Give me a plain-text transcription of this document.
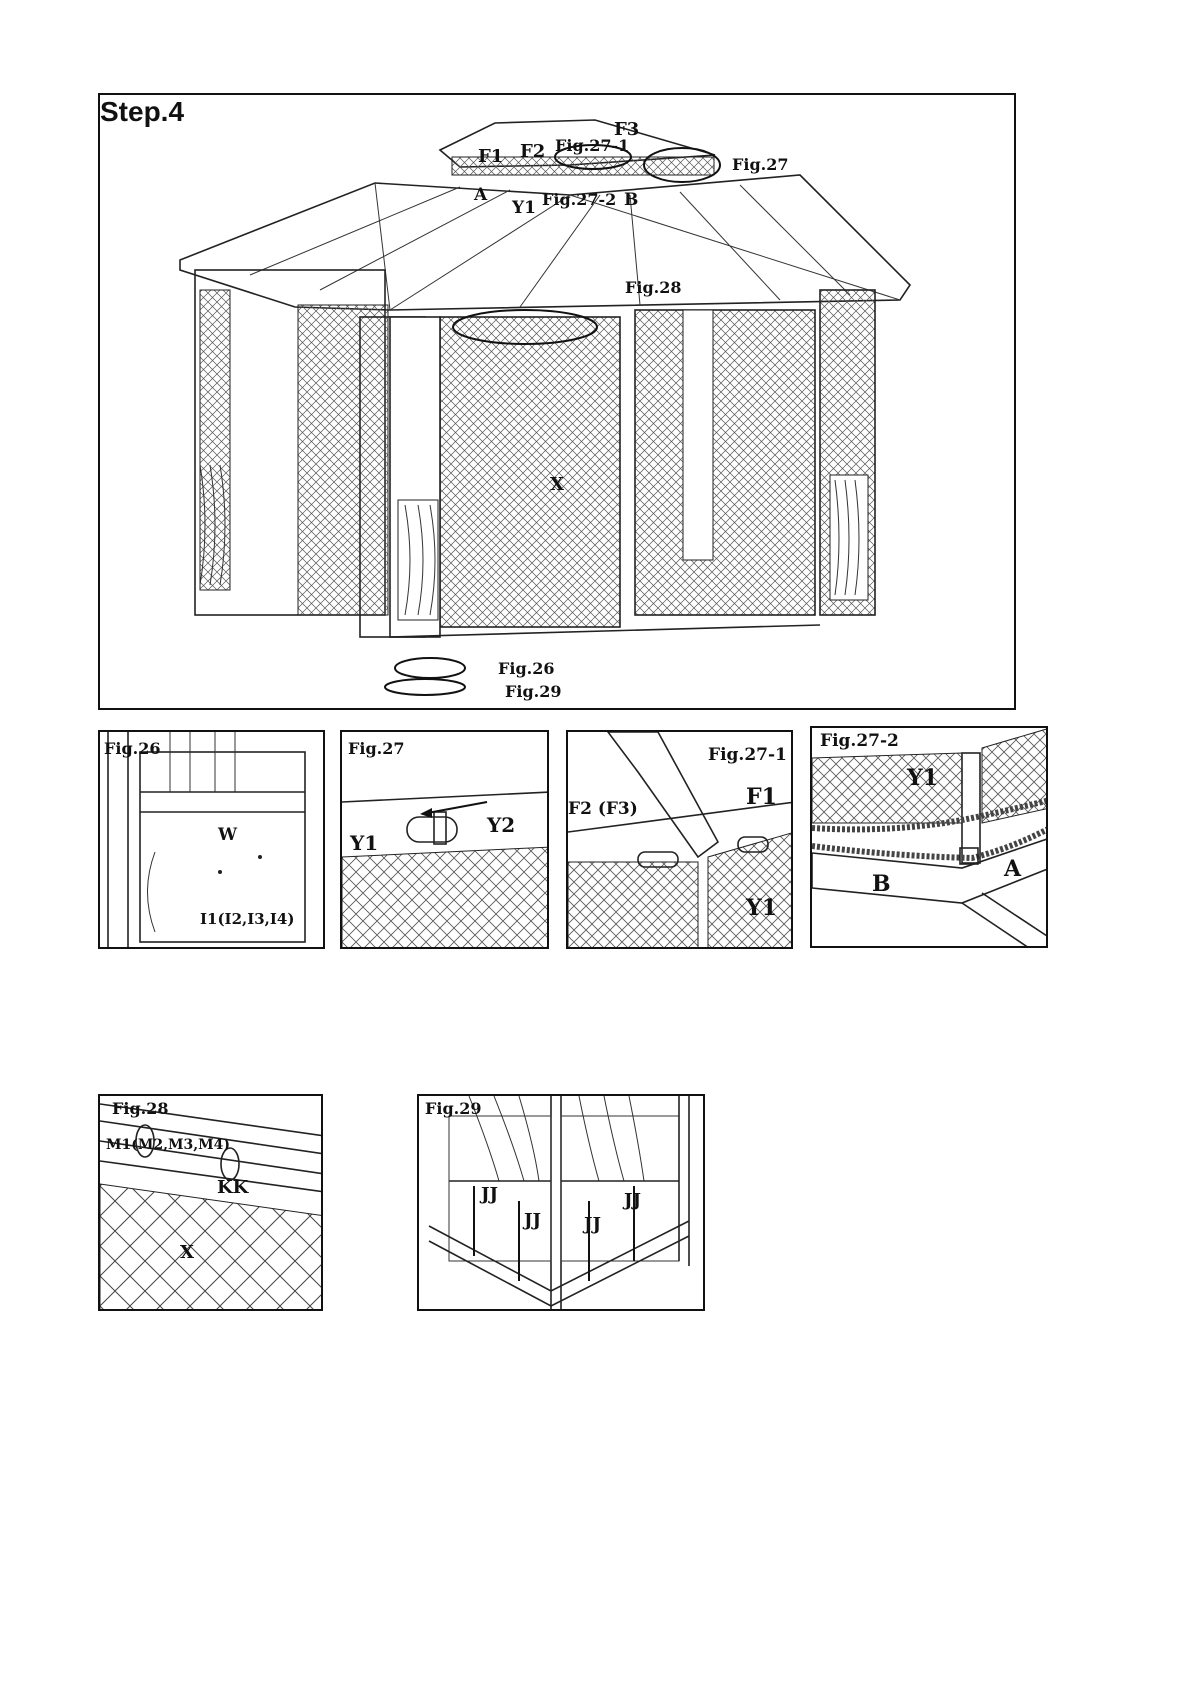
Step.4
F3
F1 F2 Fig.27-1
Fig.27
A
Y1 Fig.27-2 B
Fig.28
X
Fig.26
Fig.29
Fig.26
W
I1(I2,I3,I4)
Fig.27
Y1
Y2
Fig.27-1
F2 (F3)	F1
Y1
Fig.27-2
Y1
B
A
Fig.28
M1(M2,M3,M4)
KK
X
Fig.29
JJ
JJ JJ
JJ
